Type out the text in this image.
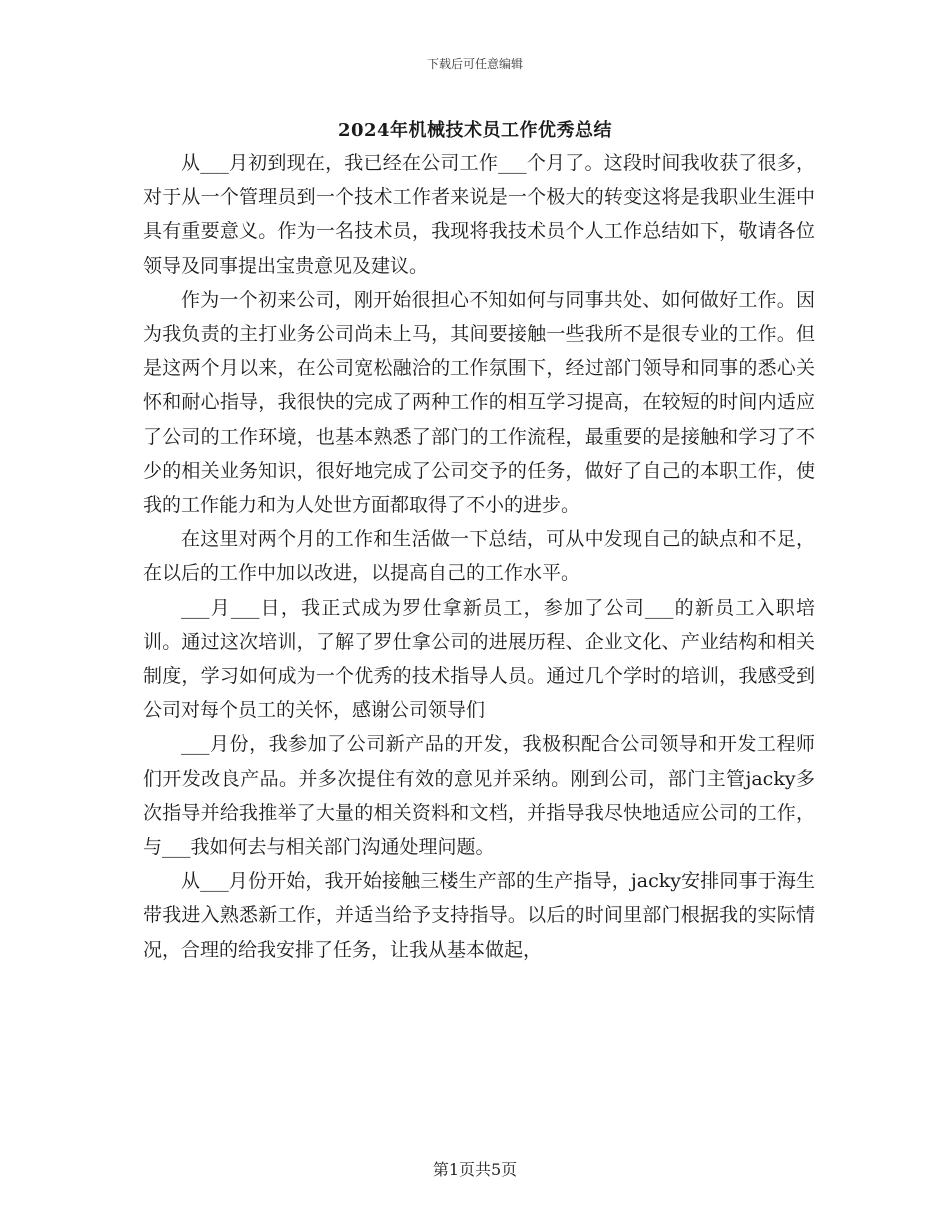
下载后可任意编辑
2024年机械技术员工作优秀总结

从___月初到现在，我已经在公司工作___个月了。这段时间我收获了很多，对于从一个管理员到一个技术工作者来说是一个极大的转变这将是我职业生涯中具有重要意义。作为一名技术员，我现将我技术员个人工作总结如下，敬请各位领导及同事提出宝贵意见及建议。

作为一个初来公司，刚开始很担心不知如何与同事共处、如何做好工作。因为我负责的主打业务公司尚未上马，其间要接触一些我所不是很专业的工作。但是这两个月以来，在公司宽松融洽的工作氛围下，经过部门领导和同事的悉心关怀和耐心指导，我很快的完成了两种工作的相互学习提高，在较短的时间内适应了公司的工作环境，也基本熟悉了部门的工作流程，最重要的是接触和学习了不少的相关业务知识，很好地完成了公司交予的任务，做好了自己的本职工作，使我的工作能力和为人处世方面都取得了不小的进步。

在这里对两个月的工作和生活做一下总结，可从中发现自己的缺点和不足，在以后的工作中加以改进，以提高自己的工作水平。

___月___日，我正式成为罗仕拿新员工，参加了公司___的新员工入职培训。通过这次培训，了解了罗仕拿公司的进展历程、企业文化、产业结构和相关制度，学习如何成为一个优秀的技术指导人员。通过几个学时的培训，我感受到公司对每个员工的关怀，感谢公司领导们

___月份，我参加了公司新产品的开发，我极积配合公司领导和开发工程师们开发改良产品。并多次提住有效的意见并采纳。刚到公司，部门主管jacky多次指导并给我推举了大量的相关资料和文档，并指导我尽快地适应公司的工作，与___我如何去与相关部门沟通处理问题。

从___月份开始，我开始接触三楼生产部的生产指导，jacky安排同事于海生带我进入熟悉新工作，并适当给予支持指导。以后的时间里部门根据我的实际情况，合理的给我安排了任务，让我从基本做起，

第1页共5页
